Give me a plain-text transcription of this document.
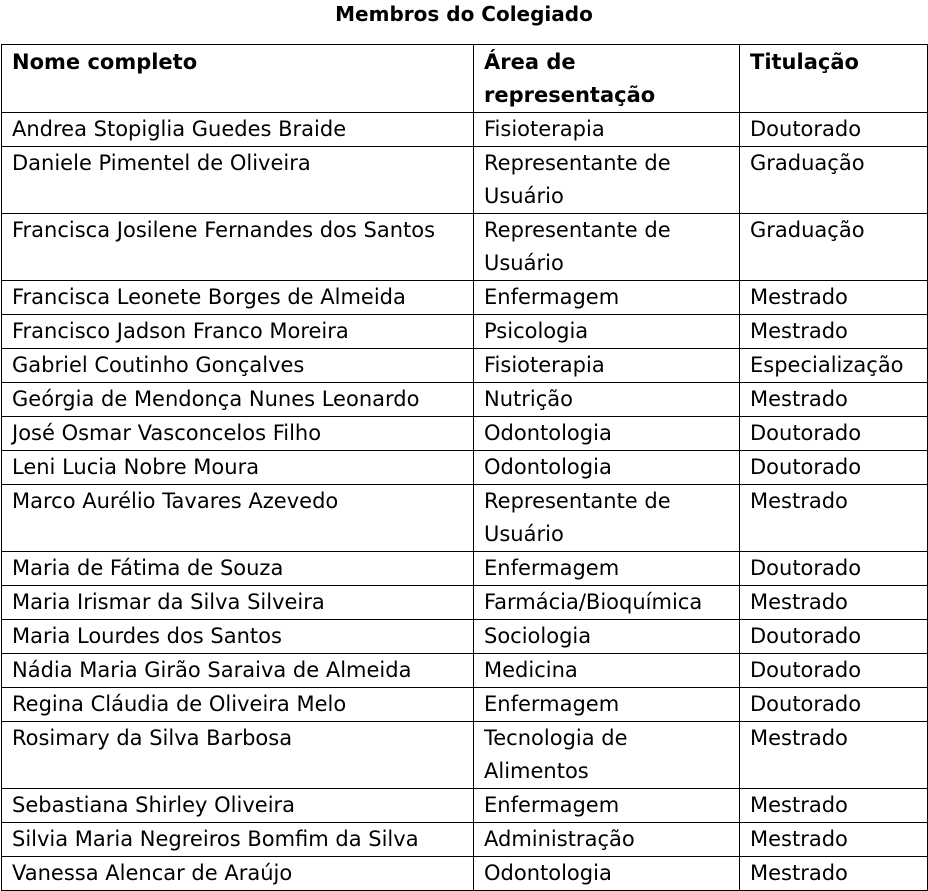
Membros do Colegiado
Nome completo	Área de representação	Titulação
Andrea Stopiglia Guedes Braide	Fisioterapia	Doutorado
Daniele Pimentel de Oliveira	Representante de Usuário	Graduação
Francisca Josilene Fernandes dos Santos	Representante de Usuário	Graduação
Francisca Leonete Borges de Almeida	Enfermagem	Mestrado
Francisco Jadson Franco Moreira	Psicologia	Mestrado
Gabriel Coutinho Gonçalves	Fisioterapia	Especialização
Geórgia de Mendonça Nunes Leonardo	Nutrição	Mestrado
José Osmar Vasconcelos Filho	Odontologia	Doutorado
Leni Lucia Nobre Moura	Odontologia	Doutorado
Marco Aurélio Tavares Azevedo	Representante de Usuário	Mestrado
Maria de Fátima de Souza	Enfermagem	Doutorado
Maria Irismar da Silva Silveira	Farmácia/Bioquímica	Mestrado
Maria Lourdes dos Santos	Sociologia	Doutorado
Nádia Maria Girão Saraiva de Almeida	Medicina	Doutorado
Regina Cláudia de Oliveira Melo	Enfermagem	Doutorado
Rosimary da Silva Barbosa	Tecnologia de Alimentos	Mestrado
Sebastiana Shirley Oliveira	Enfermagem	Mestrado
Silvia Maria Negreiros Bomfim da Silva	Administração	Mestrado
Vanessa Alencar de Araújo	Odontologia	Mestrado
